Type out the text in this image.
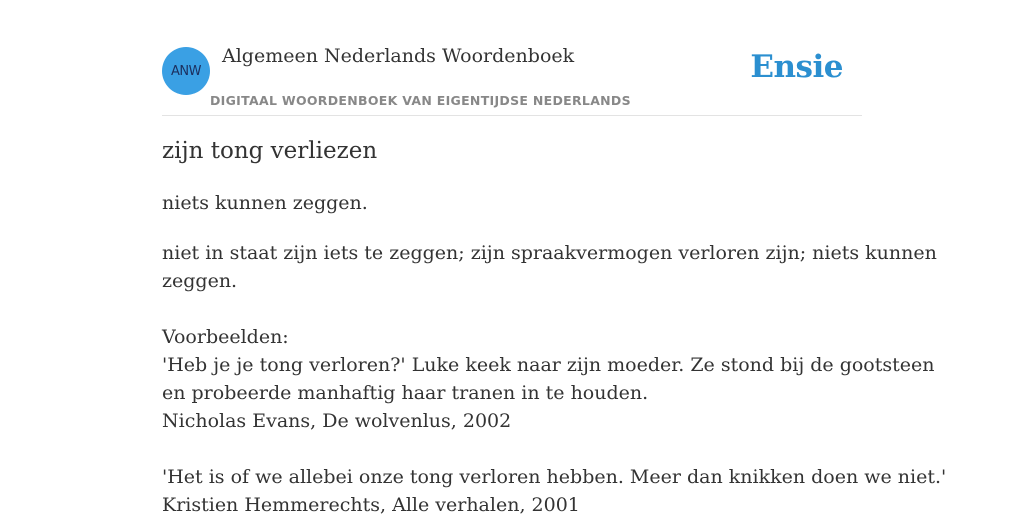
ANW
Algemeen Nederlands Woordenboek
DIGITAAL WOORDENBOEK VAN EIGENTIJDSE NEDERLANDS
Ensie
zijn tong verliezen
niets kunnen zeggen.
niet in staat zijn iets te zeggen; zijn spraakvermogen verloren zijn; niets kunnen
zeggen.
Voorbeelden:
'Heb je je tong verloren?' Luke keek naar zijn moeder. Ze stond bij de gootsteen
en probeerde manhaftig haar tranen in te houden.
Nicholas Evans, De wolvenlus, 2002
'Het is of we allebei onze tong verloren hebben. Meer dan knikken doen we niet.'
Kristien Hemmerechts, Alle verhalen, 2001
